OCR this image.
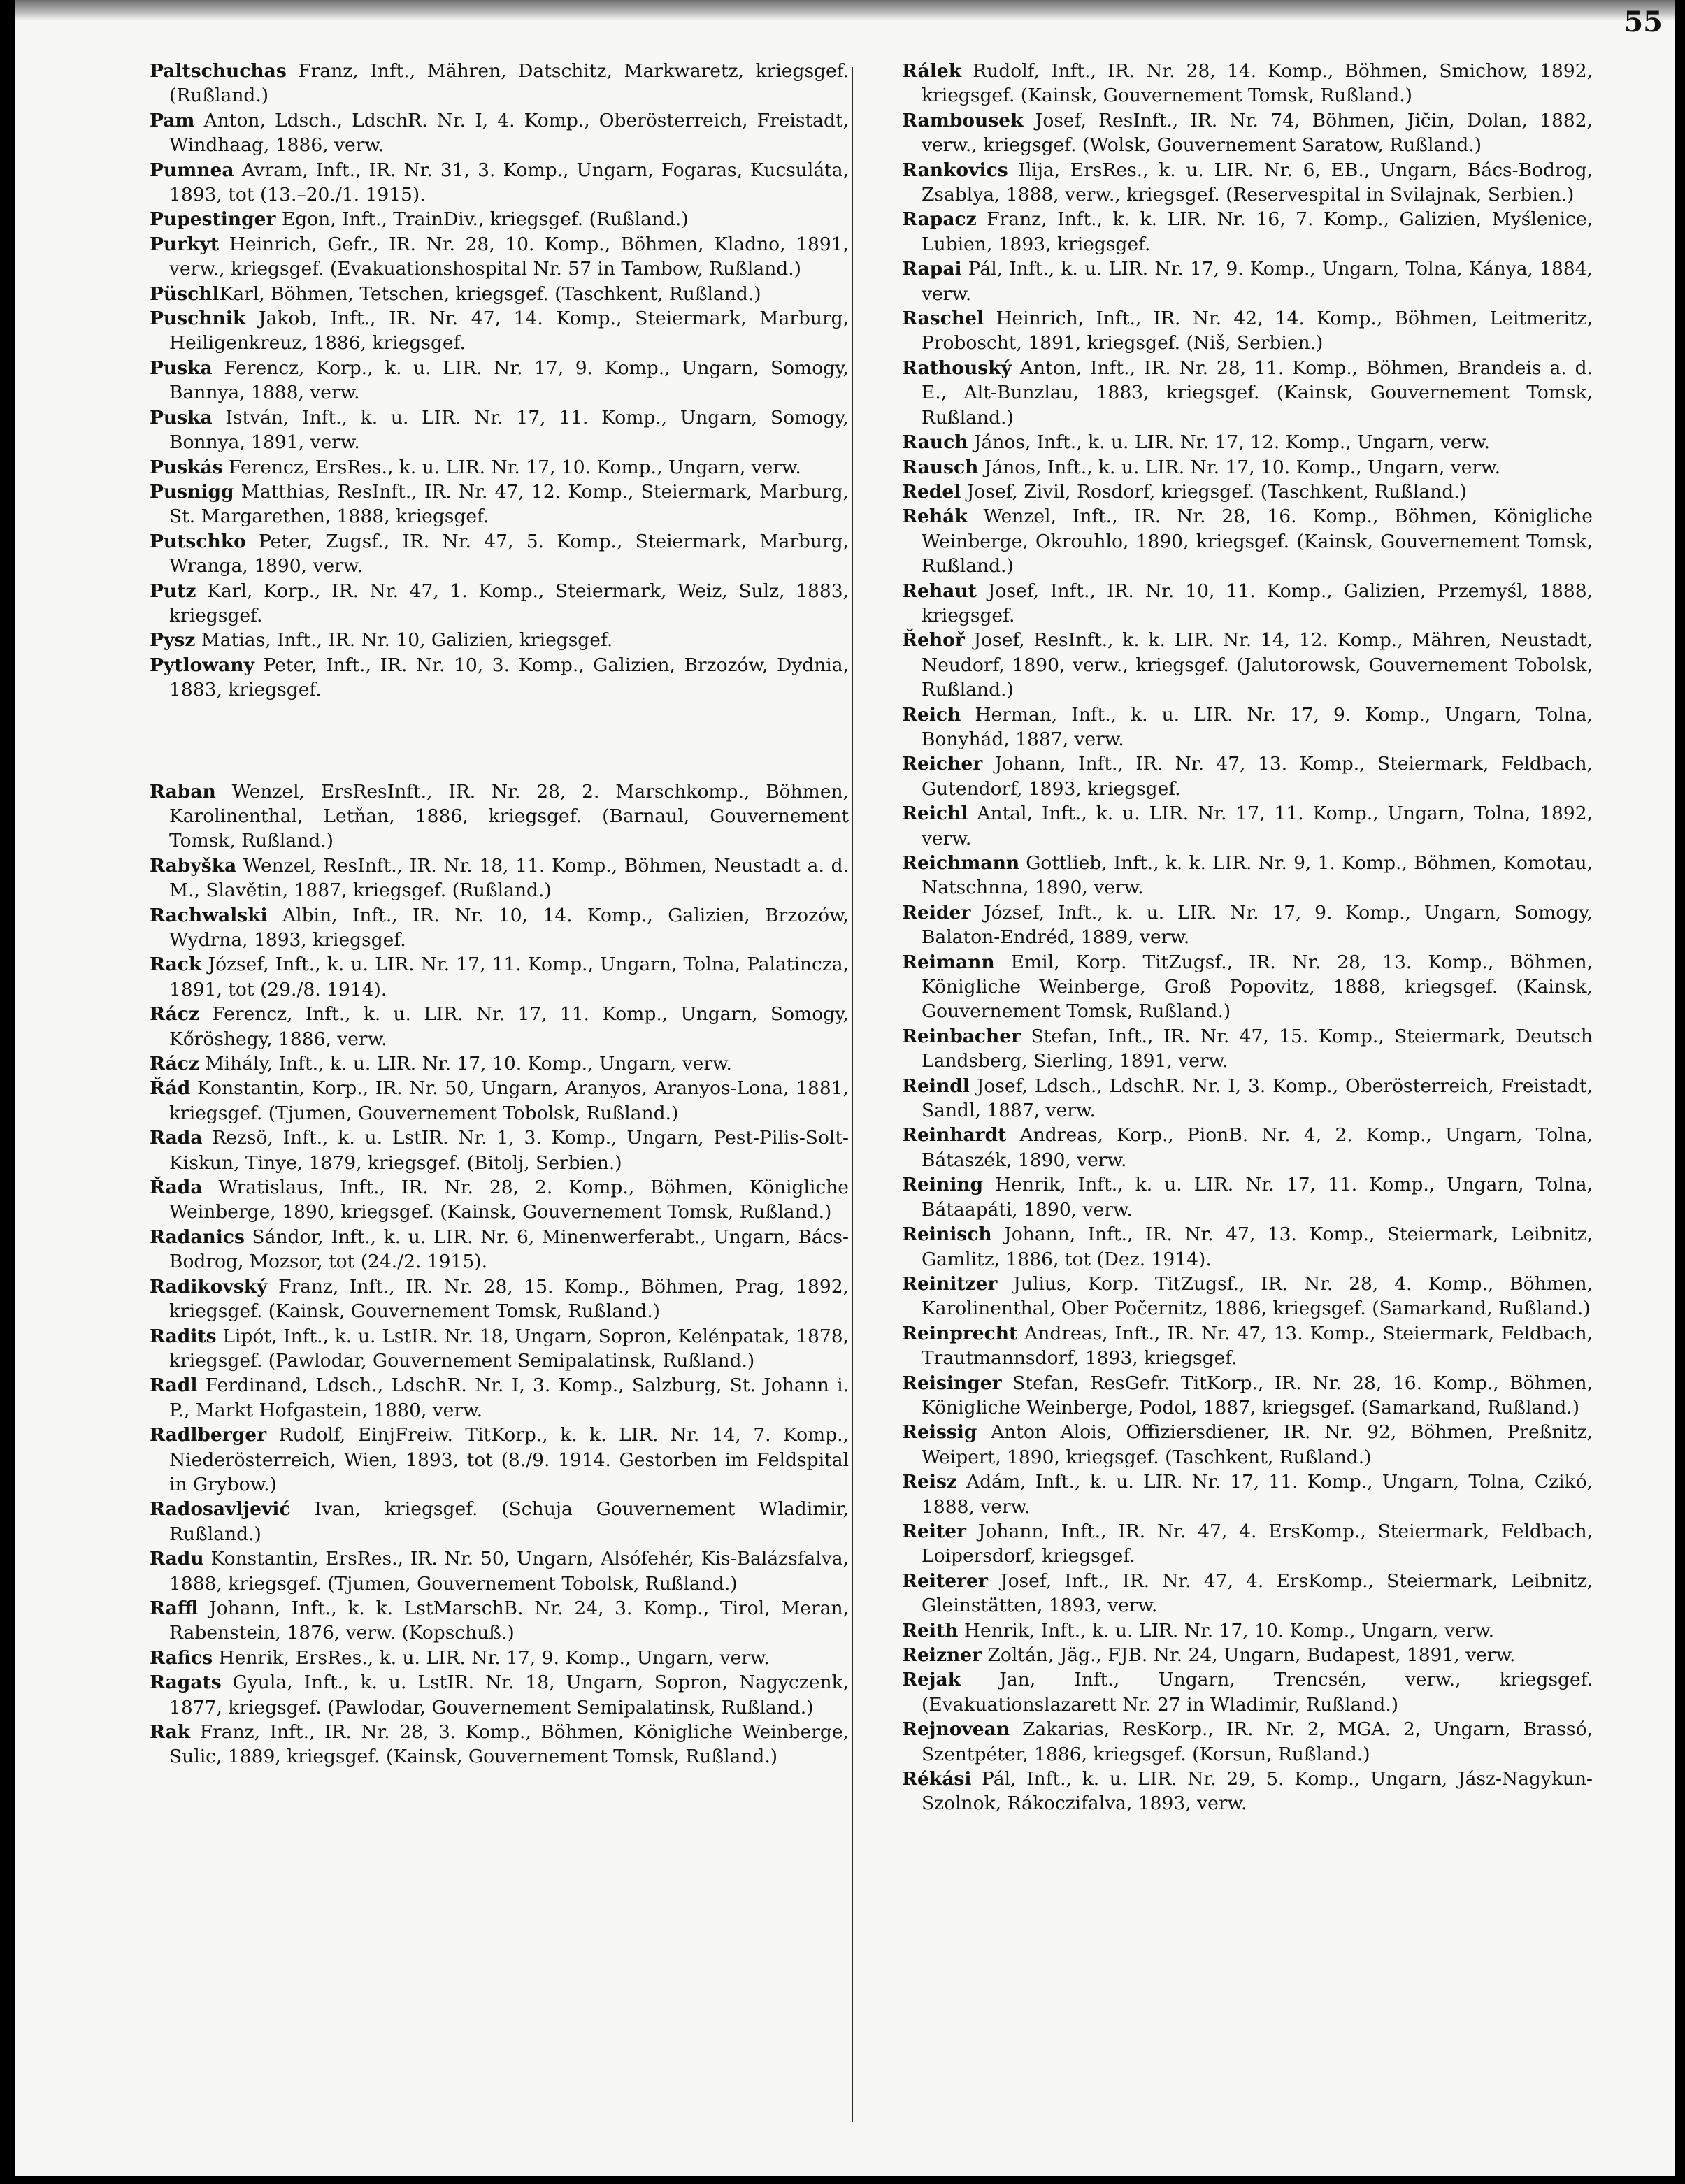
55
Paltschuchas Franz, Inft., Mähren, Datschitz, Markwaretz, kriegsgef. (Rußland.)
Pam Anton, Ldsch., LdschR. Nr. I, 4. Komp., Oberösterreich, Freistadt, Windhaag, 1886, verw.
Pumnea Avram, Inft., IR. Nr. 31, 3. Komp., Ungarn, Fogaras, Kucsuláta, 1893, tot (13.–20./1. 1915).
Pupestinger Egon, Inft., TrainDiv., kriegsgef. (Rußland.)
Purkyt Heinrich, Gefr., IR. Nr. 28, 10. Komp., Böhmen, Kladno, 1891, verw., kriegsgef. (Evakuationshospital Nr. 57 in Tambow, Rußland.)
PüschlKarl, Böhmen, Tetschen, kriegsgef. (Taschkent, Rußland.)
Puschnik Jakob, Inft., IR. Nr. 47, 14. Komp., Steiermark, Marburg, Heiligenkreuz, 1886, kriegsgef.
Puska Ferencz, Korp., k. u. LIR. Nr. 17, 9. Komp., Ungarn, Somogy, Bannya, 1888, verw.
Puska István, Inft., k. u. LIR. Nr. 17, 11. Komp., Ungarn, Somogy, Bonnya, 1891, verw.
Puskás Ferencz, ErsRes., k. u. LIR. Nr. 17, 10. Komp., Ungarn, verw.
Pusnigg Matthias, ResInft., IR. Nr. 47, 12. Komp., Steiermark, Marburg, St. Margarethen, 1888, kriegsgef.
Putschko Peter, Zugsf., IR. Nr. 47, 5. Komp., Steiermark, Marburg, Wranga, 1890, verw.
Putz Karl, Korp., IR. Nr. 47, 1. Komp., Steiermark, Weiz, Sulz, 1883, kriegsgef.
Pysz Matias, Inft., IR. Nr. 10, Galizien, kriegsgef.
Pytlowany Peter, Inft., IR. Nr. 10, 3. Komp., Galizien, Brzozów, Dydnia, 1883, kriegsgef.
Raban Wenzel, ErsResInft., IR. Nr. 28, 2. Marschkomp., Böhmen, Karolinenthal, Letňan, 1886, kriegsgef. (Barnaul, Gouvernement Tomsk, Rußland.)
Rabyška Wenzel, ResInft., IR. Nr. 18, 11. Komp., Böhmen, Neustadt a. d. M., Slavětin, 1887, kriegsgef. (Rußland.)
Rachwalski Albin, Inft., IR. Nr. 10, 14. Komp., Galizien, Brzozów, Wydrna, 1893, kriegsgef.
Rack József, Inft., k. u. LIR. Nr. 17, 11. Komp., Ungarn, Tolna, Palatincza, 1891, tot (29./8. 1914).
Rácz Ferencz, Inft., k. u. LIR. Nr. 17, 11. Komp., Ungarn, Somogy, Kőröshegy, 1886, verw.
Rácz Mihály, Inft., k. u. LIR. Nr. 17, 10. Komp., Ungarn, verw.
Řád Konstantin, Korp., IR. Nr. 50, Ungarn, Aranyos, Aranyos-Lona, 1881, kriegsgef. (Tjumen, Gouvernement Tobolsk, Rußland.)
Rada Rezsö, Inft., k. u. LstIR. Nr. 1, 3. Komp., Ungarn, Pest-Pilis-Solt-Kiskun, Tinye, 1879, kriegsgef. (Bitolj, Serbien.)
Řada Wratislaus, Inft., IR. Nr. 28, 2. Komp., Böhmen, Königliche Weinberge, 1890, kriegsgef. (Kainsk, Gouvernement Tomsk, Rußland.)
Radanics Sándor, Inft., k. u. LIR. Nr. 6, Minenwerferabt., Ungarn, Bács-Bodrog, Mozsor, tot (24./2. 1915).
Radikovský Franz, Inft., IR. Nr. 28, 15. Komp., Böhmen, Prag, 1892, kriegsgef. (Kainsk, Gouvernement Tomsk, Rußland.)
Radits Lipót, Inft., k. u. LstIR. Nr. 18, Ungarn, Sopron, Kelénpatak, 1878, kriegsgef. (Pawlodar, Gouvernement Semipalatinsk, Rußland.)
Radl Ferdinand, Ldsch., LdschR. Nr. I, 3. Komp., Salzburg, St. Johann i. P., Markt Hofgastein, 1880, verw.
Radlberger Rudolf, EinjFreiw. TitKorp., k. k. LIR. Nr. 14, 7. Komp., Niederösterreich, Wien, 1893, tot (8./9. 1914. Gestorben im Feldspital in Grybow.)
Radosavljević Ivan, kriegsgef. (Schuja Gouvernement Wladimir, Rußland.)
Radu Konstantin, ErsRes., IR. Nr. 50, Ungarn, Alsófehér, Kis-Balázsfalva, 1888, kriegsgef. (Tjumen, Gouvernement Tobolsk, Rußland.)
Raffl Johann, Inft., k. k. LstMarschB. Nr. 24, 3. Komp., Tirol, Meran, Rabenstein, 1876, verw. (Kopschuß.)
Rafics Henrik, ErsRes., k. u. LIR. Nr. 17, 9. Komp., Ungarn, verw.
Ragats Gyula, Inft., k. u. LstIR. Nr. 18, Ungarn, Sopron, Nagyczenk, 1877, kriegsgef. (Pawlodar, Gouvernement Semipalatinsk, Rußland.)
Rak Franz, Inft., IR. Nr. 28, 3. Komp., Böhmen, Königliche Weinberge, Sulic, 1889, kriegsgef. (Kainsk, Gouvernement Tomsk, Rußland.)
Rálek Rudolf, Inft., IR. Nr. 28, 14. Komp., Böhmen, Smichow, 1892, kriegsgef. (Kainsk, Gouvernement Tomsk, Rußland.)
Rambousek Josef, ResInft., IR. Nr. 74, Böhmen, Jičin, Dolan, 1882, verw., kriegsgef. (Wolsk, Gouvernement Saratow, Rußland.)
Rankovics Ilija, ErsRes., k. u. LIR. Nr. 6, EB., Ungarn, Bács-Bodrog, Zsablya, 1888, verw., kriegsgef. (Reservespital in Svilajnak, Serbien.)
Rapacz Franz, Inft., k. k. LIR. Nr. 16, 7. Komp., Galizien, Myślenice, Lubien, 1893, kriegsgef.
Rapai Pál, Inft., k. u. LIR. Nr. 17, 9. Komp., Ungarn, Tolna, Kánya, 1884, verw.
Raschel Heinrich, Inft., IR. Nr. 42, 14. Komp., Böhmen, Leitmeritz, Proboscht, 1891, kriegsgef. (Niš, Serbien.)
Rathouský Anton, Inft., IR. Nr. 28, 11. Komp., Böhmen, Brandeis a. d. E., Alt-Bunzlau, 1883, kriegsgef. (Kainsk, Gouvernement Tomsk, Rußland.)
Rauch János, Inft., k. u. LIR. Nr. 17, 12. Komp., Ungarn, verw.
Rausch János, Inft., k. u. LIR. Nr. 17, 10. Komp., Ungarn, verw.
Redel Josef, Zivil, Rosdorf, kriegsgef. (Taschkent, Rußland.)
Rehák Wenzel, Inft., IR. Nr. 28, 16. Komp., Böhmen, Königliche Weinberge, Okrouhlo, 1890, kriegsgef. (Kainsk, Gouvernement Tomsk, Rußland.)
Rehaut Josef, Inft., IR. Nr. 10, 11. Komp., Galizien, Przemyśl, 1888, kriegsgef.
Řehoř Josef, ResInft., k. k. LIR. Nr. 14, 12. Komp., Mähren, Neustadt, Neudorf, 1890, verw., kriegsgef. (Jalutorowsk, Gouvernement Tobolsk, Rußland.)
Reich Herman, Inft., k. u. LIR. Nr. 17, 9. Komp., Ungarn, Tolna, Bonyhád, 1887, verw.
Reicher Johann, Inft., IR. Nr. 47, 13. Komp., Steiermark, Feldbach, Gutendorf, 1893, kriegsgef.
Reichl Antal, Inft., k. u. LIR. Nr. 17, 11. Komp., Ungarn, Tolna, 1892, verw.
Reichmann Gottlieb, Inft., k. k. LIR. Nr. 9, 1. Komp., Böhmen, Komotau, Natschnna, 1890, verw.
Reider József, Inft., k. u. LIR. Nr. 17, 9. Komp., Ungarn, Somogy, Balaton-Endréd, 1889, verw.
Reimann Emil, Korp. TitZugsf., IR. Nr. 28, 13. Komp., Böhmen, Königliche Weinberge, Groß Popovitz, 1888, kriegsgef. (Kainsk, Gouvernement Tomsk, Rußland.)
Reinbacher Stefan, Inft., IR. Nr. 47, 15. Komp., Steiermark, Deutsch Landsberg, Sierling, 1891, verw.
Reindl Josef, Ldsch., LdschR. Nr. I, 3. Komp., Oberösterreich, Freistadt, Sandl, 1887, verw.
Reinhardt Andreas, Korp., PionB. Nr. 4, 2. Komp., Ungarn, Tolna, Bátaszék, 1890, verw.
Reining Henrik, Inft., k. u. LIR. Nr. 17, 11. Komp., Ungarn, Tolna, Bátaapáti, 1890, verw.
Reinisch Johann, Inft., IR. Nr. 47, 13. Komp., Steiermark, Leibnitz, Gamlitz, 1886, tot (Dez. 1914).
Reinitzer Julius, Korp. TitZugsf., IR. Nr. 28, 4. Komp., Böhmen, Karolinenthal, Ober Počernitz, 1886, kriegsgef. (Samarkand, Rußland.)
Reinprecht Andreas, Inft., IR. Nr. 47, 13. Komp., Steiermark, Feldbach, Trautmannsdorf, 1893, kriegsgef.
Reisinger Stefan, ResGefr. TitKorp., IR. Nr. 28, 16. Komp., Böhmen, Königliche Weinberge, Podol, 1887, kriegsgef. (Samarkand, Rußland.)
Reissig Anton Alois, Offiziersdiener, IR. Nr. 92, Böhmen, Preßnitz, Weipert, 1890, kriegsgef. (Taschkent, Rußland.)
Reisz Adám, Inft., k. u. LIR. Nr. 17, 11. Komp., Ungarn, Tolna, Czikó, 1888, verw.
Reiter Johann, Inft., IR. Nr. 47, 4. ErsKomp., Steiermark, Feldbach, Loipersdorf, kriegsgef.
Reiterer Josef, Inft., IR. Nr. 47, 4. ErsKomp., Steiermark, Leibnitz, Gleinstätten, 1893, verw.
Reith Henrik, Inft., k. u. LIR. Nr. 17, 10. Komp., Ungarn, verw.
Reizner Zoltán, Jäg., FJB. Nr. 24, Ungarn, Budapest, 1891, verw.
Rejak Jan, Inft., Ungarn, Trencsén, verw., kriegsgef. (Evakuationslazarett Nr. 27 in Wladimir, Rußland.)
Rejnovean Zakarias, ResKorp., IR. Nr. 2, MGA. 2, Ungarn, Brassó, Szentpéter, 1886, kriegsgef. (Korsun, Rußland.)
Rékási Pál, Inft., k. u. LIR. Nr. 29, 5. Komp., Ungarn, Jász-Nagykun-Szolnok, Rákoczifalva, 1893, verw.
